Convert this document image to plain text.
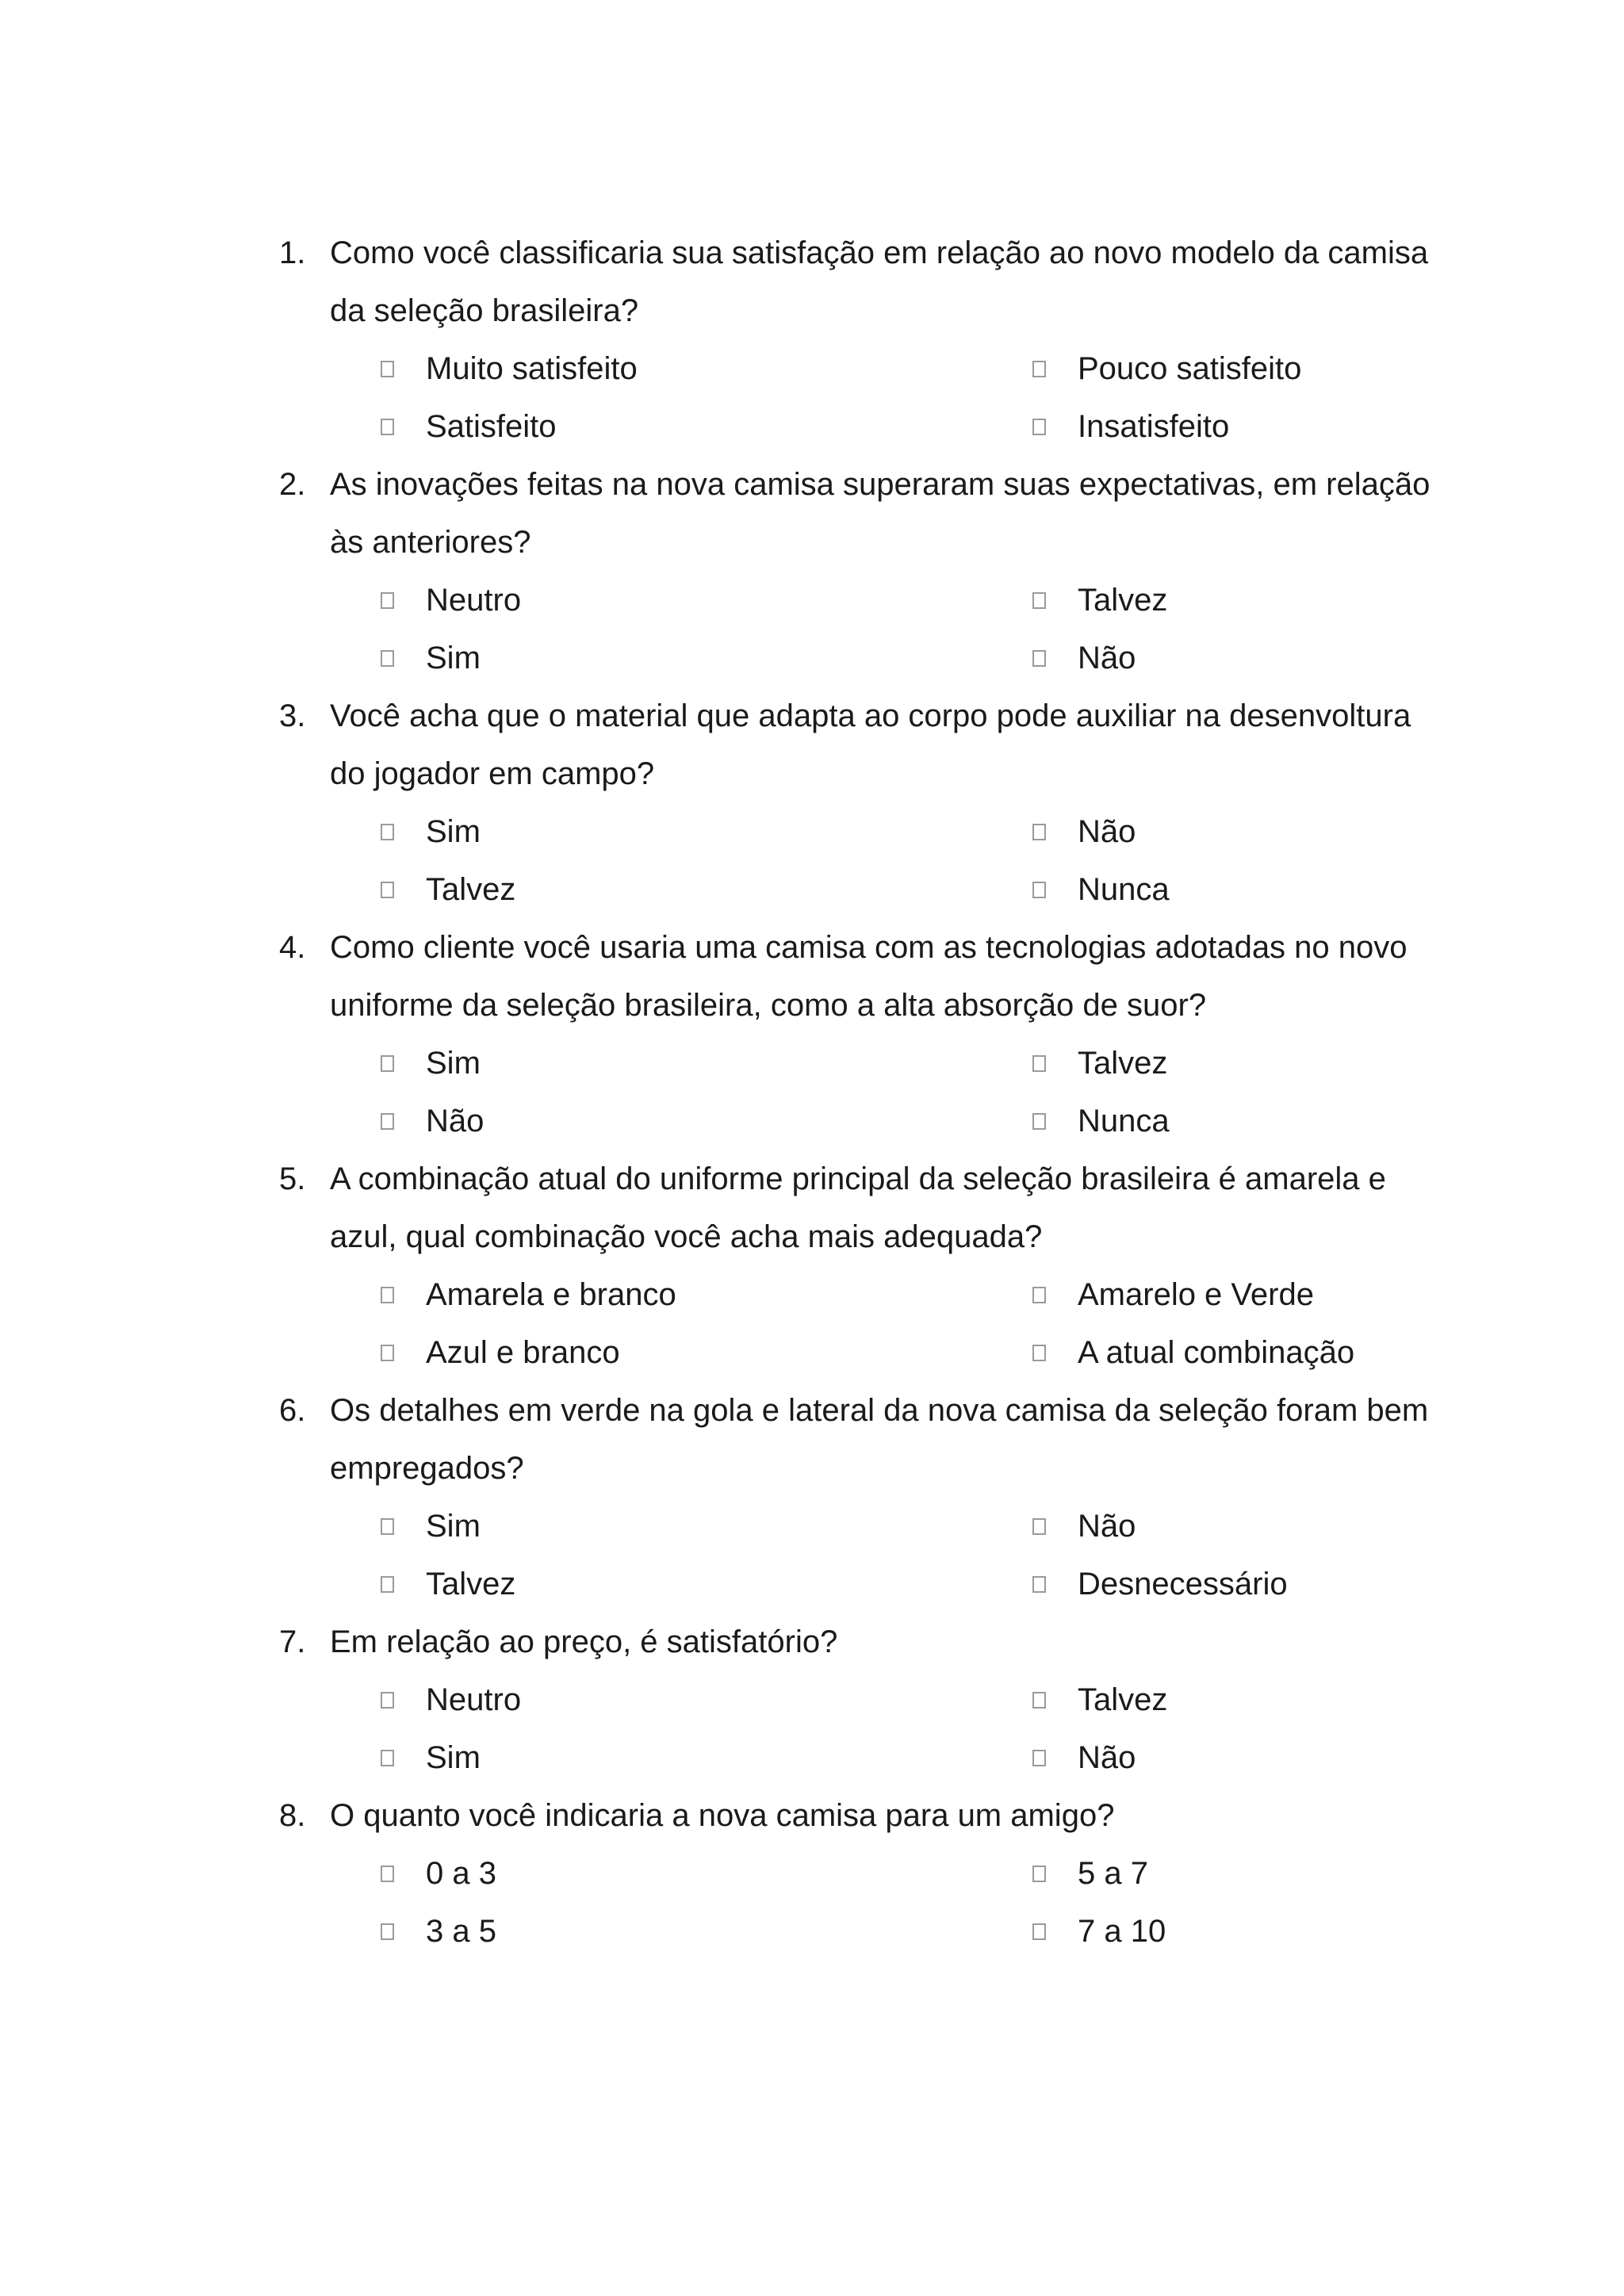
1. Como você classificaria sua satisfação em relação ao novo modelo da camisa da seleção brasileira?
Muito satisfeito	Pouco satisfeito
Satisfeito	Insatisfeito
2. As inovações feitas na nova camisa superaram suas expectativas, em relação às anteriores?
Neutro	Talvez
Sim	Não
3. Você acha que o material que adapta ao corpo pode auxiliar na desenvoltura do jogador em campo?
Sim	Não
Talvez	Nunca
4. Como cliente você usaria uma camisa com as tecnologias adotadas no novo uniforme da seleção brasileira, como a alta absorção de suor?
Sim	Talvez
Não	Nunca
5. A combinação atual do uniforme principal da seleção brasileira é amarela e azul, qual combinação você acha mais adequada?
Amarela e branco	Amarelo e Verde
Azul e branco	A atual combinação
6. Os detalhes em verde na gola e lateral da nova camisa da seleção foram bem empregados?
Sim	Não
Talvez	Desnecessário
7. Em relação ao preço, é satisfatório?
Neutro	Talvez
Sim	Não
8. O quanto você indicaria a nova camisa para um amigo?
0 a 3	5 a 7
3 a 5	7 a 10
